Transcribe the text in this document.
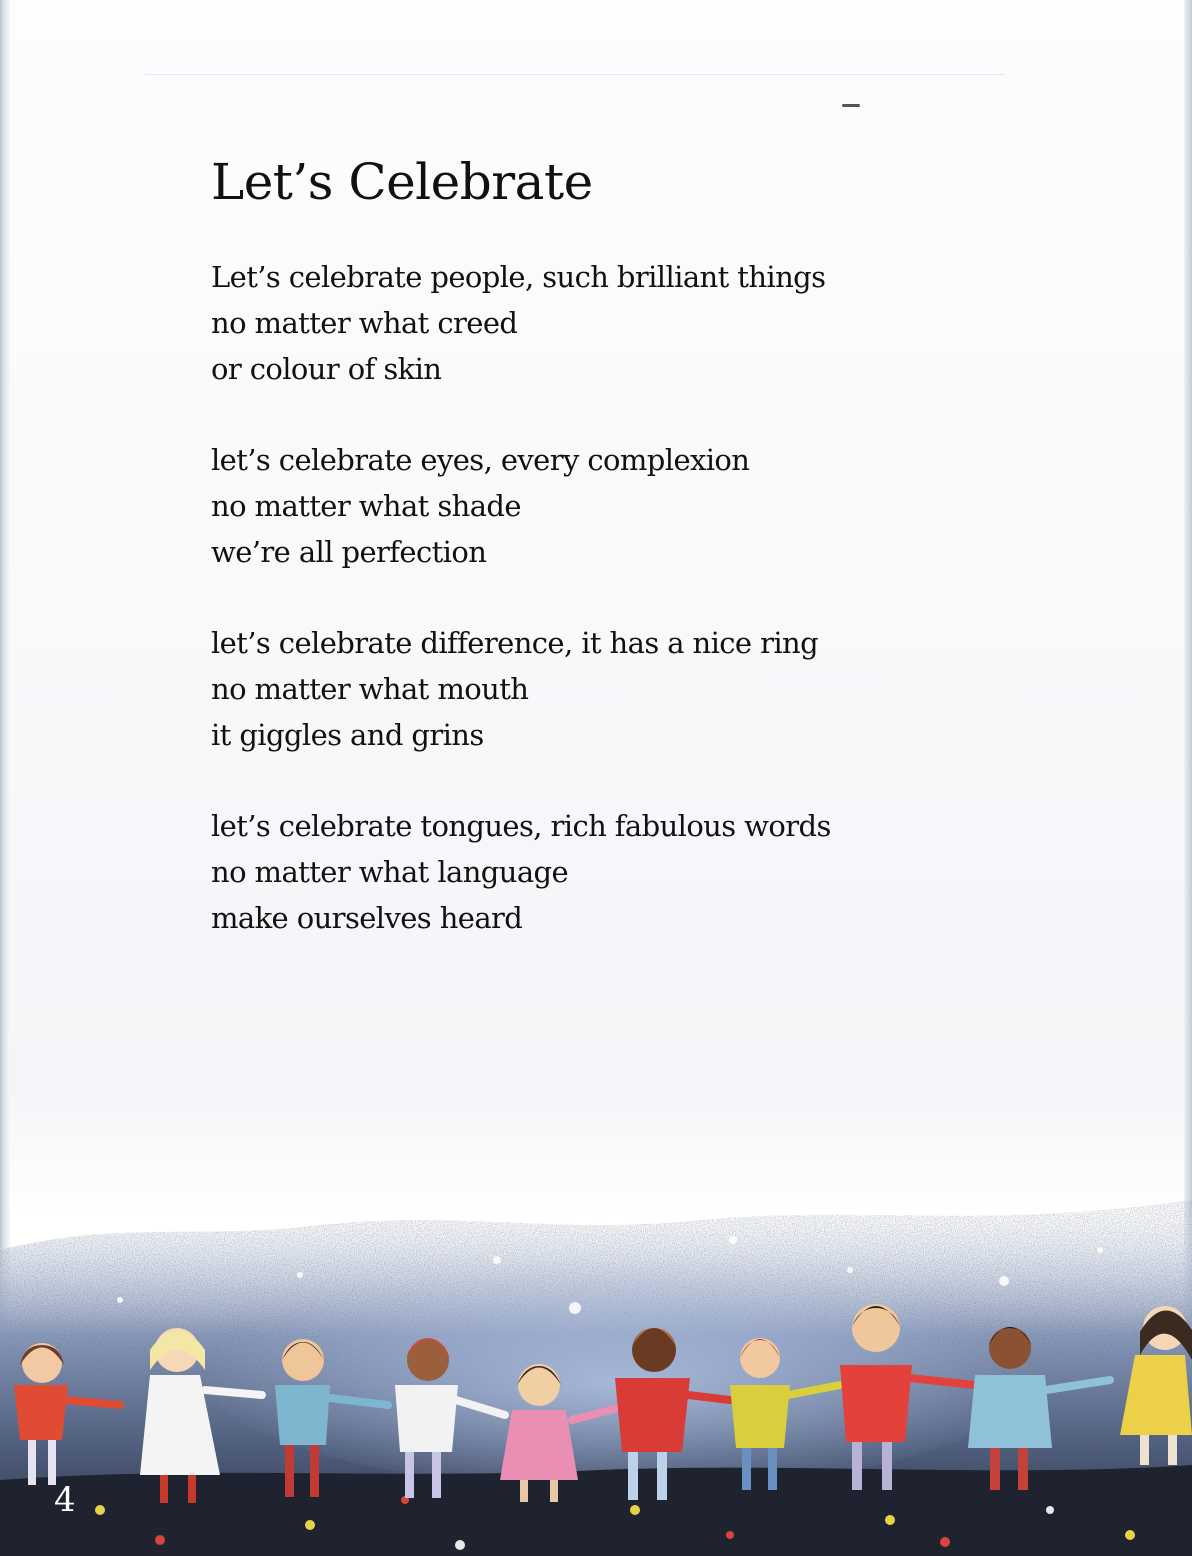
Let’s Celebrate
Let’s celebrate people, such brilliant things
no matter what creed
or colour of skin
let’s celebrate eyes, every complexion
no matter what shade
we’re all perfection
let’s celebrate difference, it has a nice ring
no matter what mouth
it giggles and grins
let’s celebrate tongues, rich fabulous words
no matter what language
make ourselves heard
4
